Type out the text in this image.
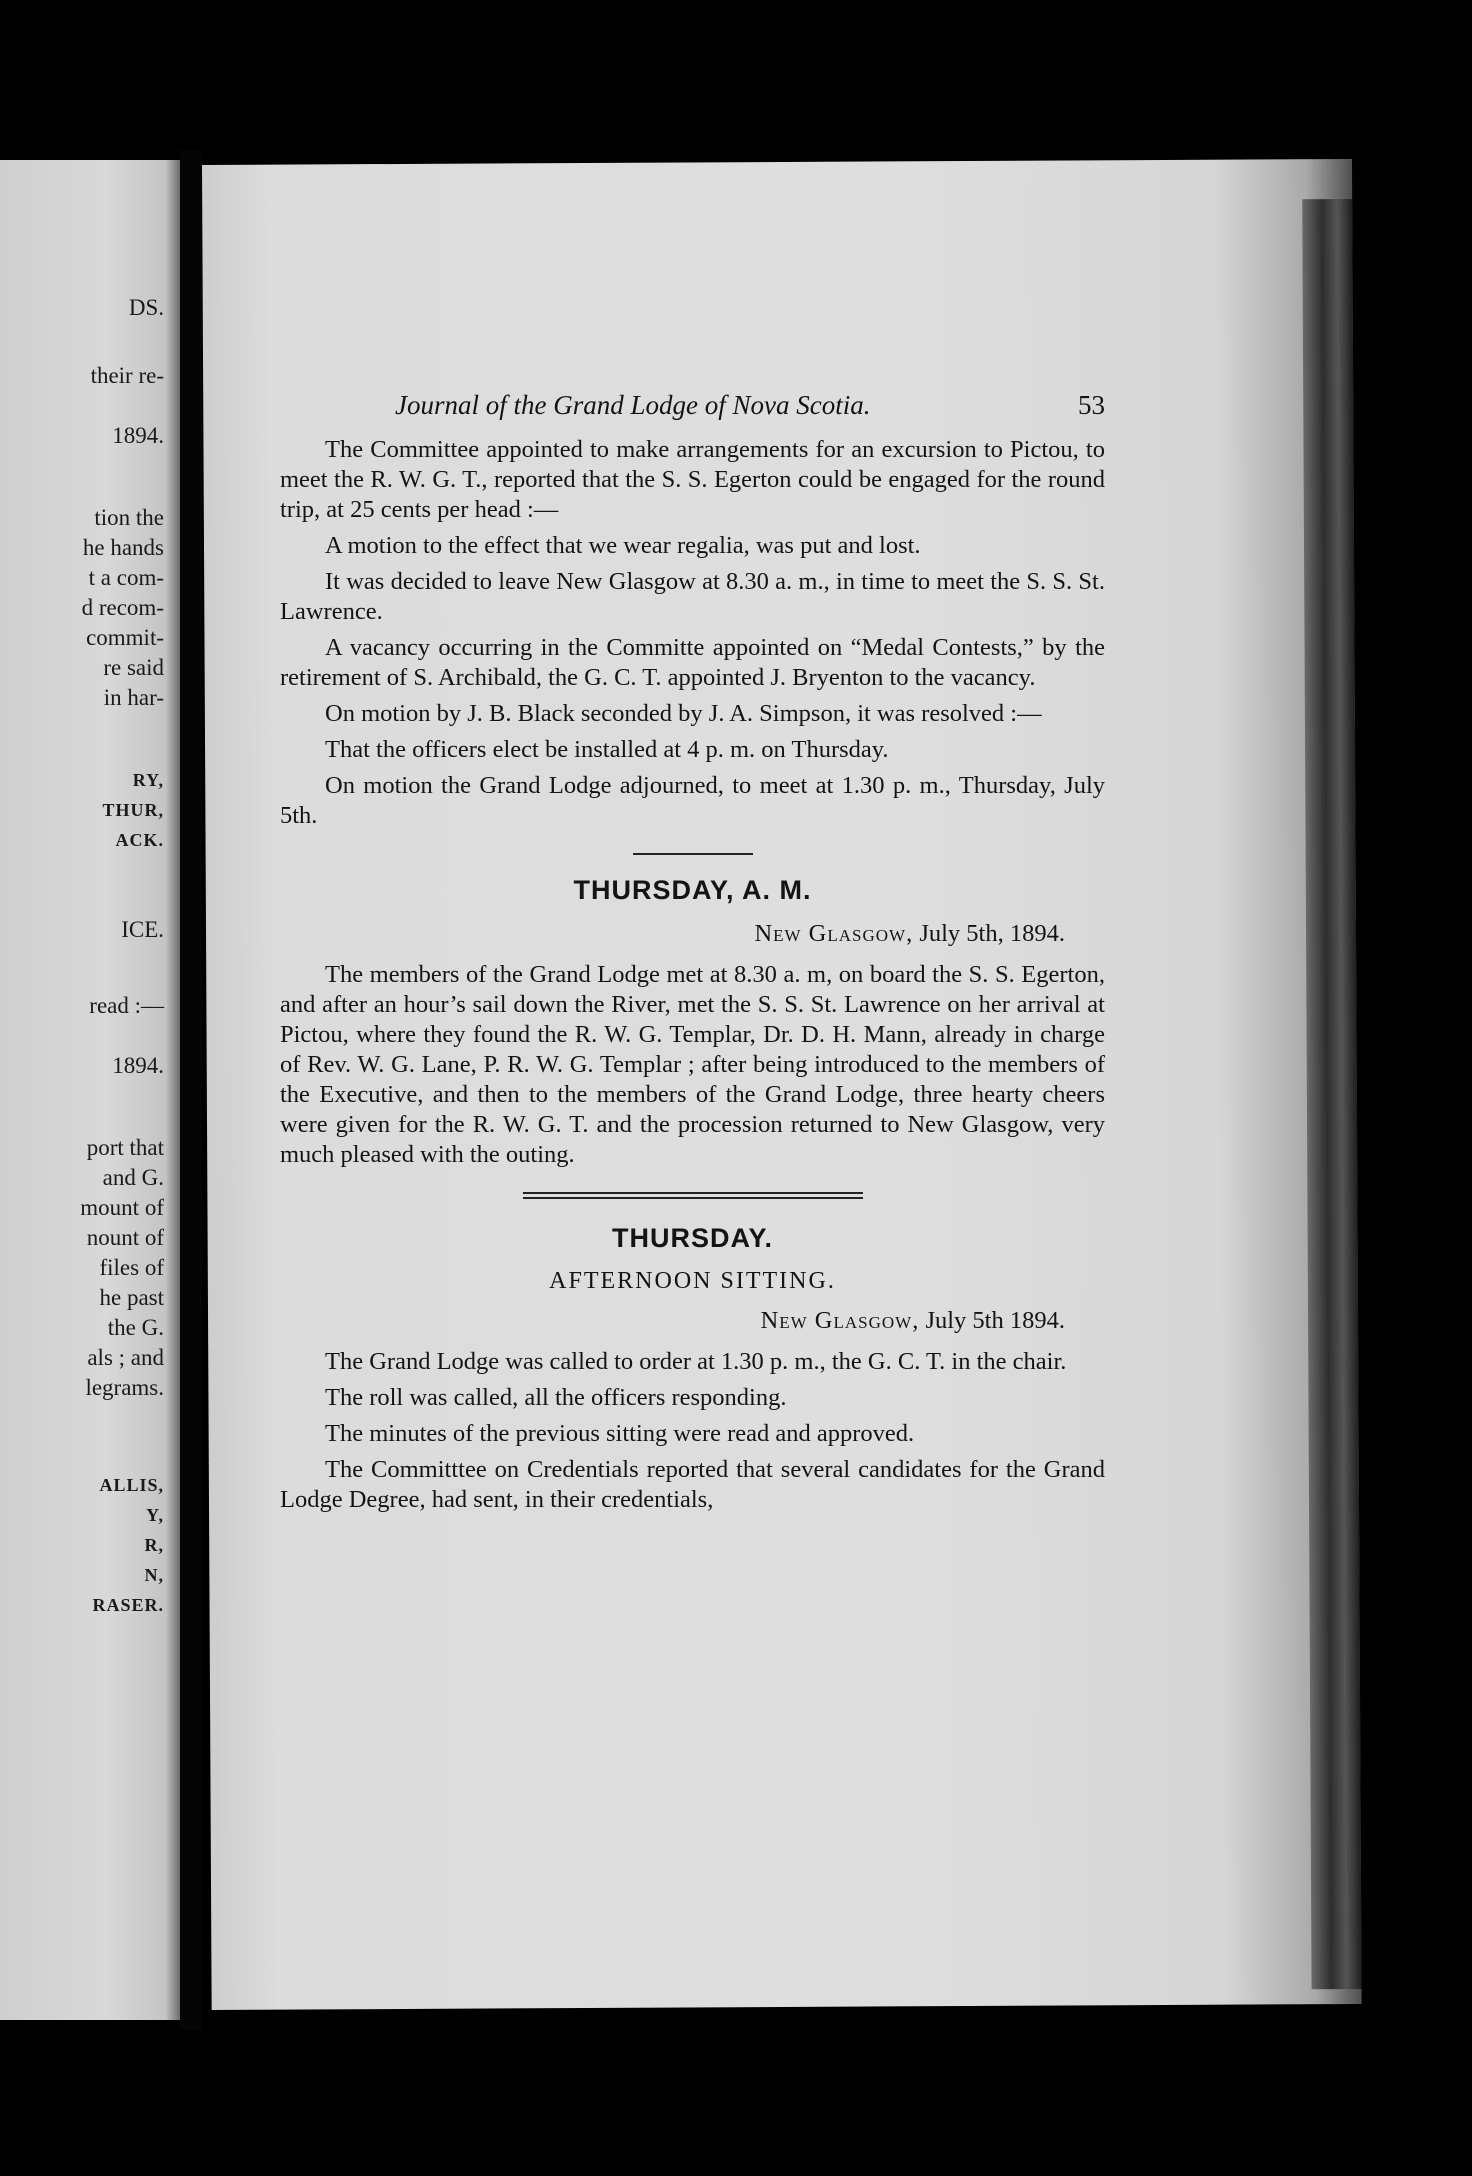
DS.
their re-
1894.
tion the
he hands
t a com-
d recom-
commit-
re said
in har-
RY,
THUR,
ACK.
ICE.
read :—
1894.
port that
and G.
mount of
nount of
files of
he past
the G.
als ; and
legrams.
ALLIS,
Y,
R,
N,
RASER.
Journal of the Grand Lodge of Nova Scotia.	53

The Committee appointed to make arrangements for an excursion to Pictou, to meet the R. W. G. T., reported that the S. S. Egerton could be engaged for the round trip, at 25 cents per head :—

A motion to the effect that we wear regalia, was put and lost.

It was decided to leave New Glasgow at 8.30 a. m., in time to meet the S. S. St. Lawrence.

A vacancy occurring in the Committe appointed on “Medal Contests,” by the retirement of S. Archibald, the G. C. T. appointed J. Bryenton to the vacancy.

On motion by J. B. Black seconded by J. A. Simpson, it was resolved :—

That the officers elect be installed at 4 p. m. on Thursday.

On motion the Grand Lodge adjourned, to meet at 1.30 p. m., Thursday, July 5th.

THURSDAY, A. M.
New Glasgow, July 5th, 1894.

The members of the Grand Lodge met at 8.30 a. m, on board the S. S. Egerton, and after an hour’s sail down the River, met the S. S. St. Lawrence on her arrival at Pictou, where they found the R. W. G. Templar, Dr. D. H. Mann, already in charge of Rev. W. G. Lane, P. R. W. G. Templar ; after being introduced to the members of the Executive, and then to the members of the Grand Lodge, three hearty cheers were given for the R. W. G. T. and the procession returned to New Glasgow, very much pleased with the outing.

THURSDAY.
AFTERNOON SITTING.
New Glasgow, July 5th 1894.

The Grand Lodge was called to order at 1.30 p. m., the G. C. T. in the chair.

The roll was called, all the officers responding.

The minutes of the previous sitting were read and approved.

The Committtee on Credentials reported that several candidates for the Grand Lodge Degree, had sent, in their credentials,
